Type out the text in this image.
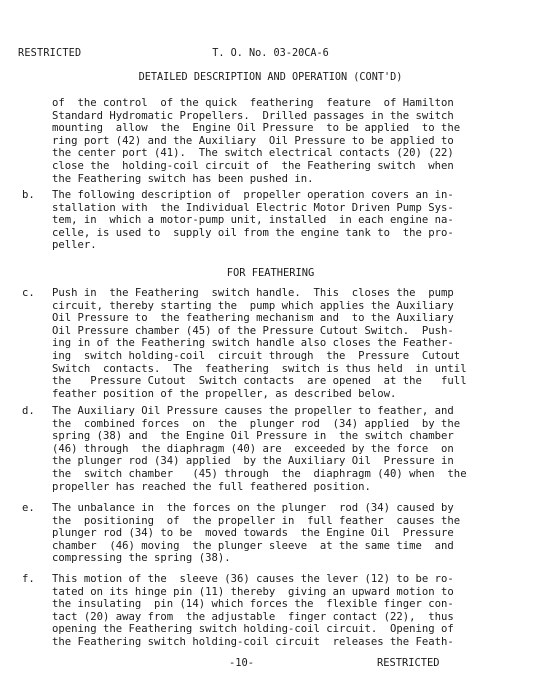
RESTRICTED	T. O. No. 03-20CA-6
DETAILED DESCRIPTION AND OPERATION (CONT'D)
of  the control  of the quick  feathering  feature  of Hamilton
Standard Hydromatic Propellers.  Drilled passages in the switch
mounting  allow  the  Engine Oil Pressure  to be applied  to the
ring port (42) and the Auxiliary  Oil Pressure to be applied to
the center port (41).  The switch electrical contacts (20) (22)
close the  holding-coil circuit of  the Feathering switch  when
the Feathering switch has been pushed in.
b. The following description of  propeller operation covers an in-
stallation with  the Individual Electric Motor Driven Pump Sys-
tem, in  which a motor-pump unit, installed  in each engine na-
celle, is used to  supply oil from the engine tank to  the pro-
peller.
FOR FEATHERING
c. Push in  the Feathering  switch handle.  This  closes the  pump
circuit, thereby starting the  pump which applies the Auxiliary
Oil Pressure to  the feathering mechanism and  to the Auxiliary
Oil Pressure chamber (45) of the Pressure Cutout Switch.  Push-
ing in of the Feathering switch handle also closes the Feather-
ing  switch holding-coil  circuit through  the  Pressure  Cutout
Switch  contacts.  The  feathering  switch is thus held  in until
the   Pressure Cutout  Switch contacts  are opened  at the   full
feather position of the propeller, as described below.
d. The Auxiliary Oil Pressure causes the propeller to feather, and
the  combined forces  on  the  plunger rod  (34) applied  by the
spring (38) and  the Engine Oil Pressure in  the switch chamber
(46) through  the diaphragm (40) are  exceeded by the force  on
the plunger rod (34) applied  by the Auxiliary Oil  Pressure in
the  switch chamber   (45) through  the  diaphragm (40) when  the
propeller has reached the full feathered position.
e. The unbalance in  the forces on the plunger  rod (34) caused by
the  positioning  of  the propeller in  full feather  causes the
plunger rod (34) to be  moved towards  the Engine Oil  Pressure
chamber  (46) moving  the plunger sleeve  at the same time  and
compressing the spring (38).
f. This motion of the  sleeve (36) causes the lever (12) to be ro-
tated on its hinge pin (11) thereby  giving an upward motion to
the insulating  pin (14) which forces the  flexible finger con-
tact (20) away from  the adjustable  finger contact (22),  thus
opening the Feathering switch holding-coil circuit.  Opening of
the Feathering switch holding-coil circuit  releases the Feath-
-10-	RESTRICTED
